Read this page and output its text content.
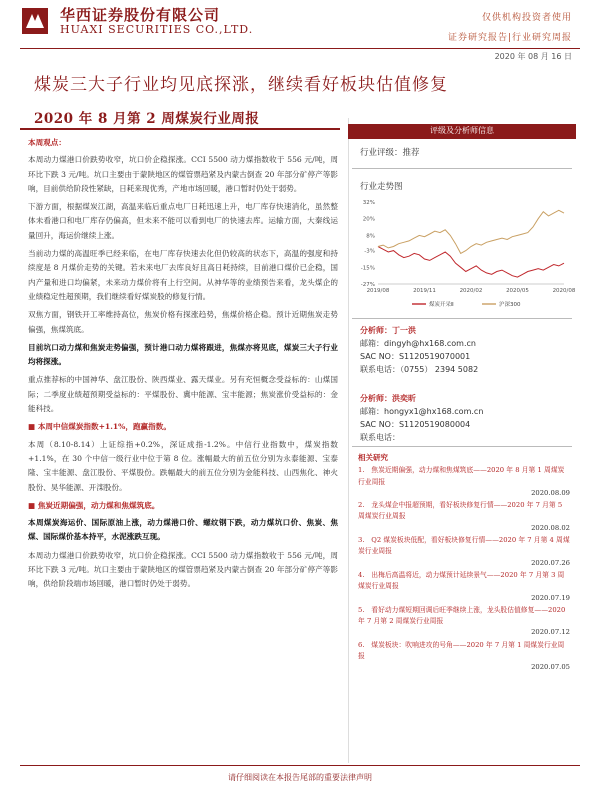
华西证券股份有限公司
HUAXI SECURITIES CO.,LTD.
仅供机构投资者使用
证券研究报告|行业研究周报
2020 年 08 月 16 日
煤炭三大子行业均见底探涨，继续看好板块估值修复
2020 年 8 月第 2 周煤炭行业周报

本周观点：

本周动力煤港口价跌势收窄，坑口价企稳探涨。CCI 5500 动力煤指数收于 556 元/吨，周环比下跌 3 元/吨。坑口主要由于蒙陕地区的煤管票趋紧及内蒙古倒查 20 年部分矿停产等影响，目前供给阶段性紧缺，日耗来现优秀，产地市场回暖，港口暂时仍处于弱势。

下游方面，根据煤炭江湖，高温来临后重点电厂日耗迅速上升，电厂库存快速消化，虽然整体未看港口和电厂库存仍偏高，但未来不能可以看到电厂的快速去库。运输方面，大秦线运量回升，海运价继续上涨。

当前动力煤的高温旺季已经来临，在电厂库存快速去化但仍较高的状态下，高温的强度和持续度是 8 月煤价走势的关键。若未来电厂去库良好且高日耗持续，目前港口煤价已企稳，国内产量和进口均偏紧，未来动力煤价将有上行空间。从神华等的业绩预告来看，龙头煤企的业绩稳定性超预期，我们继续看好煤炭股的修复行情。

双焦方面，钢铁开工率维持高位，焦炭价格有探涨趋势，焦煤价格企稳。预计近期焦炭走势偏强，焦煤筑底。

目前坑口动力煤和焦炭走势偏强，预计港口动力煤将跟进，焦煤亦将见底，煤炭三大子行业均将探涨。

重点推荐标的中国神华、盘江股份、陕西煤业、露天煤业。另有充恒概念受益标的：山煤国际；二季度业绩超预期受益标的：平煤股份、冀中能源、宝丰能源；焦炭涨价受益标的：金能科技。

■ 本周中信煤炭指数+1.1%，跑赢指数。

本周（8.10-8.14）上证综指+0.2%，深证成指-1.2%。中信行业指数中，煤炭指数+1.1%，在 30 个中信一级行业中位于第 8 位。涨幅最大的前五位分别为永泰能源、宝泰隆、宝丰能源、盘江股份、平煤股份。跌幅最大的前五位分别为金能科技、山西焦化、神火股份、昊华能源、开滦股份。

■ 焦炭近期偏强，动力煤和焦煤筑底。

本周煤炭海运价、国际原油上涨，动力煤港口价、螺纹钢下跌，动力煤坑口价、焦炭、焦煤、国际煤价基本持平，水泥涨跌互现。

本周动力煤港口价跌势收窄，坑口价企稳探涨。CCI 5500 动力煤指数收于 556 元/吨，周环比下跌 3 元/吨。坑口主要由于蒙陕地区的煤管票趋紧及内蒙古倒查 20 年部分矿停产等影响，供给阶段端市场回暖，港口暂时仍处于弱势。

评级及分析师信息
行业评级：推荐
行业走势图
32%
20%
8%
-3%
-15%
-27%
2019/08	2019/11	2020/02	2020/05	2020/08
煤炭开采Ⅱ	沪深300
分析师：丁一洪
邮箱：dingyh@hx168.com.cn
SAC NO：S1120519070001
联系电话：（0755） 2394 5082
分析师：洪奕昕
邮箱：hongyx1@hx168.com.cn
SAC NO：S1120519080004
联系电话：
相关研究
1.　焦炭近期偏强，动力煤和焦煤筑底——2020 年 8 月第 1 周煤炭行业周报
2020.08.09
2.　龙头煤企中报超预期，看好板块修复行情——2020 年 7 月第 5 周煤炭行业周报
2020.08.02
3.　Q2 煤炭板块低配，看好板块修复行情——2020 年 7 月第 4 周煤炭行业周报
2020.07.26
4.　出梅后高温将近，动力煤预计延续景气——2020 年 7 月第 3 周煤炭行业周报
2020.07.19
5.　看好动力煤短期回调后旺季继续上涨，龙头股估值修复——2020 年 7 月第 2 周煤炭行业周报
2020.07.12
6.　煤炭板块：吹响进攻的号角——2020 年 7 月第 1 周煤炭行业周报
2020.07.05
请仔细阅读在本报告尾部的重要法律声明
